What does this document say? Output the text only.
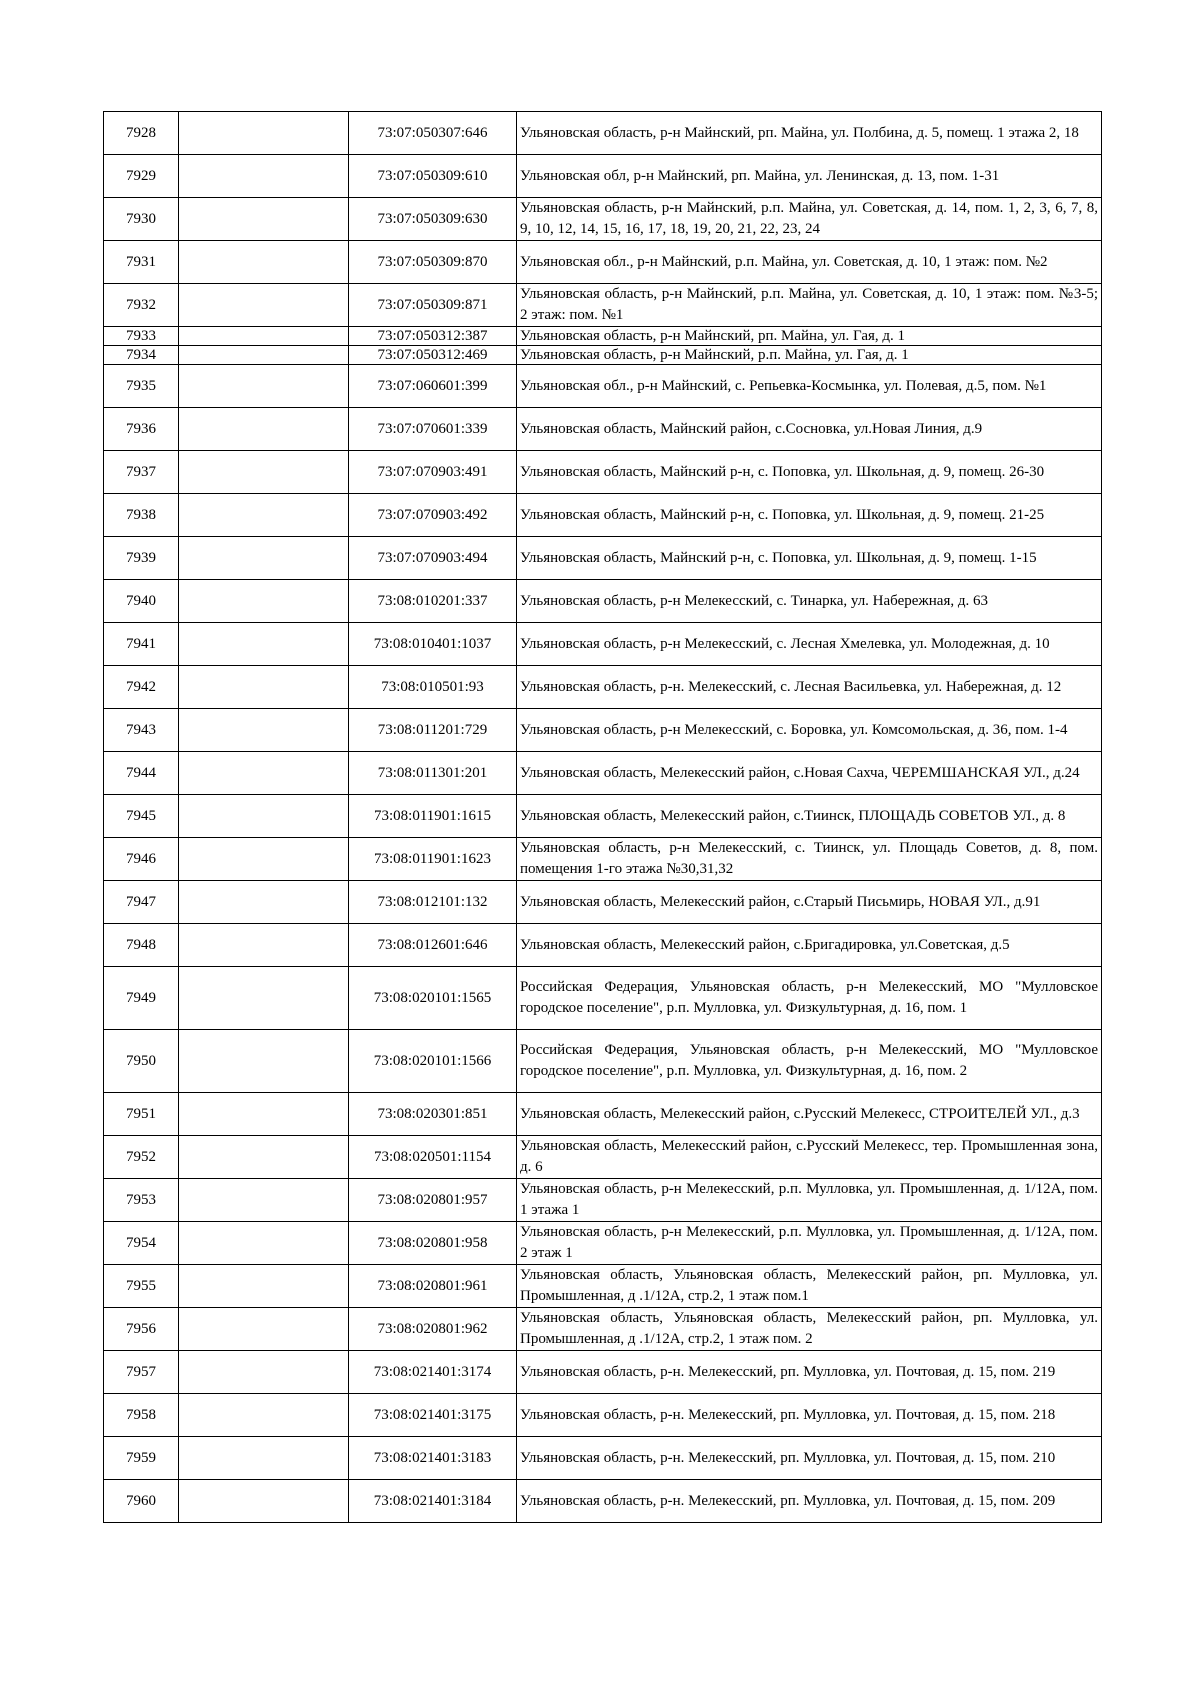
7928		73:07:050307:646	Ульяновская область, р-н Майнский, рп. Майна, ул. Полбина, д. 5, помещ. 1 этажа 2, 18
7929		73:07:050309:610	Ульяновская обл, р-н Майнский, рп. Майна, ул. Ленинская, д. 13, пом. 1-31
7930		73:07:050309:630	Ульяновская область, р-н Майнский, р.п. Майна, ул. Советская, д. 14, пом. 1, 2, 3, 6, 7, 8, 9, 10, 12, 14, 15, 16, 17, 18, 19, 20, 21, 22, 23, 24
7931		73:07:050309:870	Ульяновская обл., р-н Майнский, р.п. Майна, ул. Советская, д. 10, 1 этаж: пом. №2
7932		73:07:050309:871	Ульяновская область, р-н Майнский, р.п. Майна, ул. Советская, д. 10, 1 этаж: пом. №3-5; 2 этаж: пом. №1
7933		73:07:050312:387	Ульяновская область, р-н Майнский, рп. Майна, ул. Гая, д. 1
7934		73:07:050312:469	Ульяновская область, р-н Майнский, р.п. Майна, ул. Гая, д. 1
7935		73:07:060601:399	Ульяновская обл., р-н Майнский, с. Репьевка-Космынка, ул. Полевая, д.5, пом. №1
7936		73:07:070601:339	Ульяновская область, Майнский район, с.Сосновка, ул.Новая Линия, д.9
7937		73:07:070903:491	Ульяновская область, Майнский р-н, с. Поповка, ул. Школьная, д. 9, помещ. 26-30
7938		73:07:070903:492	Ульяновская область, Майнский р-н, с. Поповка, ул. Школьная, д. 9, помещ. 21-25
7939		73:07:070903:494	Ульяновская область, Майнский р-н, с. Поповка, ул. Школьная, д. 9, помещ. 1-15
7940		73:08:010201:337	Ульяновская область, р-н Мелекесский, с. Тинарка, ул. Набережная, д. 63
7941		73:08:010401:1037	Ульяновская область, р-н Мелекесский, с. Лесная Хмелевка, ул. Молодежная, д. 10
7942		73:08:010501:93	Ульяновская область, р-н. Мелекесский, с. Лесная Васильевка, ул. Набережная, д. 12
7943		73:08:011201:729	Ульяновская область, р-н Мелекесский, с. Боровка, ул. Комсомольская, д. 36, пом. 1-4
7944		73:08:011301:201	Ульяновская область, Мелекесский район, с.Новая Сахча, ЧЕРЕМШАНСКАЯ УЛ., д.24
7945		73:08:011901:1615	Ульяновская область, Мелекесский район, с.Тиинск, ПЛОЩАДЬ СОВЕТОВ УЛ., д. 8
7946		73:08:011901:1623	Ульяновская область, р-н Мелекесский, с. Тиинск, ул. Площадь Советов, д. 8, пом. помещения 1-го этажа №30,31,32
7947		73:08:012101:132	Ульяновская область, Мелекесский район, с.Старый Письмирь, НОВАЯ УЛ., д.91
7948		73:08:012601:646	Ульяновская область, Мелекесский район, с.Бригадировка, ул.Советская, д.5
7949		73:08:020101:1565	Российская Федерация, Ульяновская область, р-н Мелекесский, МО "Мулловское городское поселение", р.п. Мулловка, ул. Физкультурная, д. 16, пом. 1
7950		73:08:020101:1566	Российская Федерация, Ульяновская область, р-н Мелекесский, МО "Мулловское городское поселение", р.п. Мулловка, ул. Физкультурная, д. 16, пом. 2
7951		73:08:020301:851	Ульяновская область, Мелекесский район, с.Русский Мелекесс, СТРОИТЕЛЕЙ УЛ., д.3
7952		73:08:020501:1154	Ульяновская область, Мелекесский район, с.Русский Мелекесс, тер. Промышленная зона, д. 6
7953		73:08:020801:957	Ульяновская область, р-н Мелекесский, р.п. Мулловка, ул. Промышленная, д. 1/12А, пом. 1 этажа 1
7954		73:08:020801:958	Ульяновская область, р-н Мелекесский, р.п. Мулловка, ул. Промышленная, д. 1/12А, пом. 2 этаж 1
7955		73:08:020801:961	Ульяновская область, Ульяновская область, Мелекесский район, рп. Мулловка, ул. Промышленная, д .1/12А, стр.2, 1 этаж пом.1
7956		73:08:020801:962	Ульяновская область, Ульяновская область, Мелекесский район, рп. Мулловка, ул. Промышленная, д .1/12А, стр.2, 1 этаж пом. 2
7957		73:08:021401:3174	Ульяновская область, р-н. Мелекесский, рп. Мулловка, ул. Почтовая, д. 15, пом. 219
7958		73:08:021401:3175	Ульяновская область, р-н. Мелекесский, рп. Мулловка, ул. Почтовая, д. 15, пом. 218
7959		73:08:021401:3183	Ульяновская область, р-н. Мелекесский, рп. Мулловка, ул. Почтовая, д. 15, пом. 210
7960		73:08:021401:3184	Ульяновская область, р-н. Мелекесский, рп. Мулловка, ул. Почтовая, д. 15, пом. 209
